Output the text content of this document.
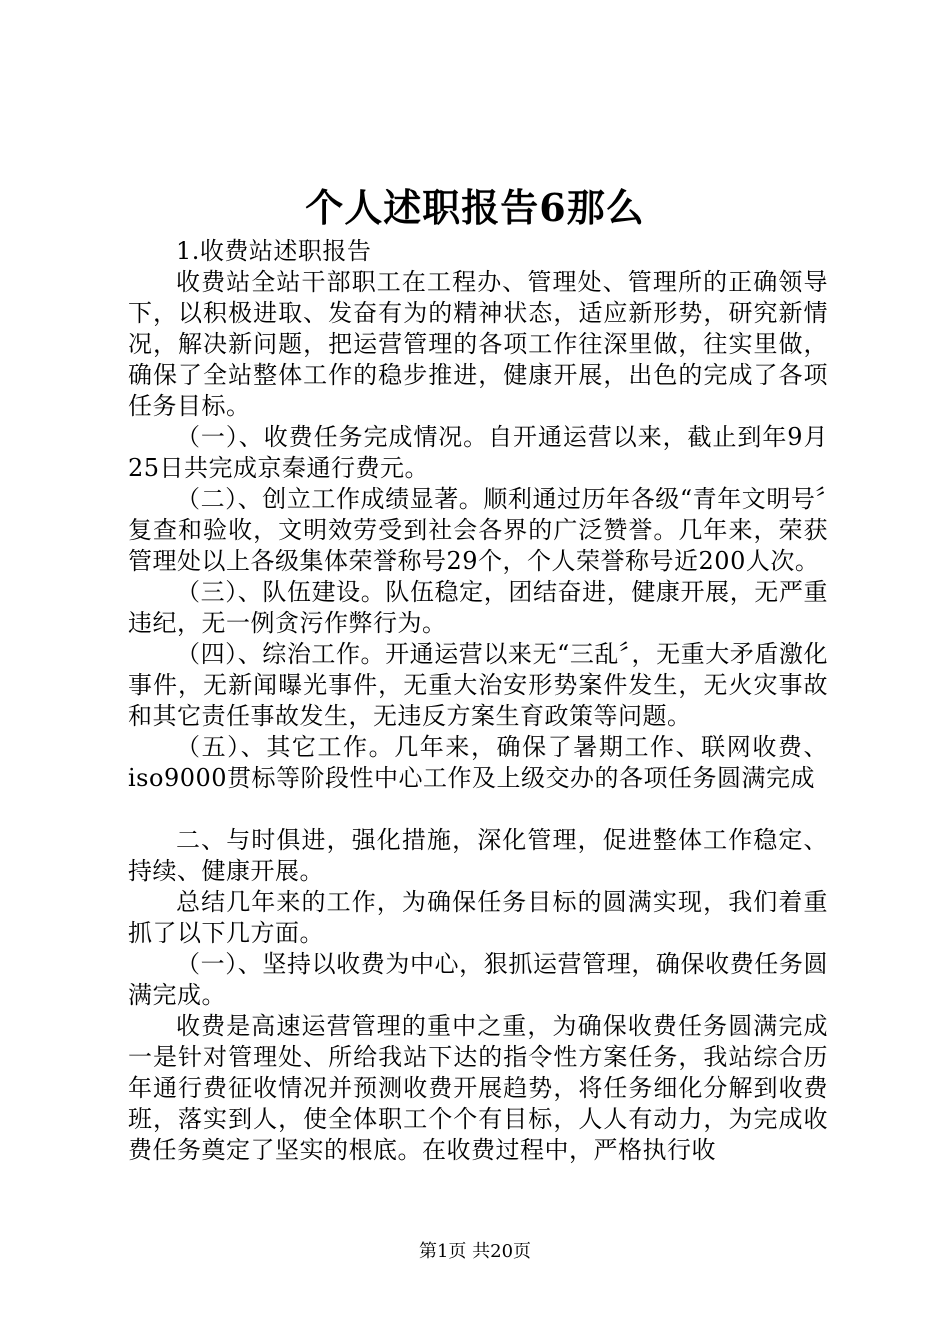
个人述职报告6那么

1.收费站述职报告

收费站全站干部职工在工程办、管理处、管理所的正确领导下，以积极进取、发奋有为的精神状态，适应新形势，研究新情况，解决新问题，把运营管理的各项工作往深里做，往实里做，确保了全站整体工作的稳步推进，健康开展，出色的完成了各项任务目标。

（一）、收费任务完成情况。自开通运营以来，截止到年9月25日共完成京秦通行费元。

（二）、创立工作成绩显著。顺利通过历年各级“青年文明号〞复查和验收，文明效劳受到社会各界的广泛赞誉。几年来，荣获管理处以上各级集体荣誉称号29个，个人荣誉称号近200人次。

（三）、队伍建设。队伍稳定，团结奋进，健康开展，无严重违纪，无一例贪污作弊行为。

（四）、综治工作。开通运营以来无“三乱〞，无重大矛盾激化事件，无新闻曝光事件，无重大治安形势案件发生，无火灾事故和其它责任事故发生，无违反方案生育政策等问题。

（五）、其它工作。几年来，确保了暑期工作、联网收费、iso9000贯标等阶段性中心工作及上级交办的各项任务圆满完成

二、与时俱进，强化措施，深化管理，促进整体工作稳定、持续、健康开展。

总结几年来的工作，为确保任务目标的圆满实现，我们着重抓了以下几方面。

（一）、坚持以收费为中心，狠抓运营管理，确保收费任务圆满完成。

收费是高速运营管理的重中之重，为确保收费任务圆满完成一是针对管理处、所给我站下达的指令性方案任务，我站综合历年通行费征收情况并预测收费开展趋势，将任务细化分解到收费班，落实到人，使全体职工个个有目标，人人有动力，为完成收费任务奠定了坚实的根底。在收费过程中，严格执行收

第1页 共20页
